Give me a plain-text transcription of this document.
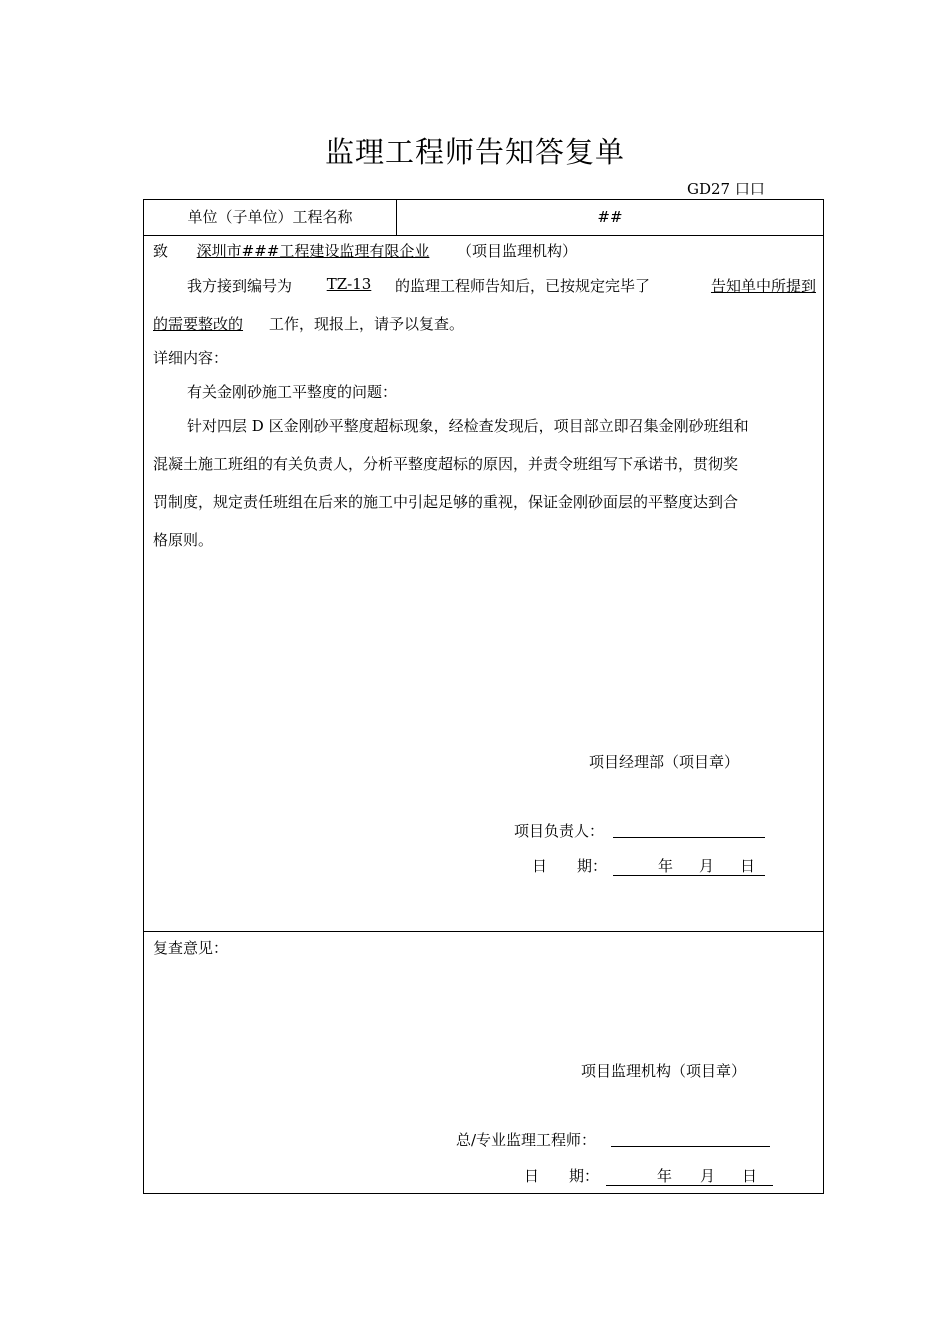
监理工程师告知答复单
GD27 口口
单位（子单位）工程名称	##
致	深圳市###工程建设监理有限企业	（项目监理机构）
我方接到编号为	TZ-13	的监理工程师告知后，已按规定完毕了	告知单中所提到
的需要整改的	工作，现报上，请予以复查。
详细内容：
有关金刚砂施工平整度的问题：
针对四层 D 区金刚砂平整度超标现象，经检查发现后，项目部立即召集金刚砂班组和
混凝土施工班组的有关负责人，分析平整度超标的原因，并责令班组写下承诺书，贯彻奖
罚制度，规定责任班组在后来的施工中引起足够的重视，保证金刚砂面层的平整度达到合
格原则。
项目经理部（项目章）
项目负责人：
日　　期：	年 月 日
复查意见：
项目监理机构（项目章）
总/专业监理工程师：
日　　期：	年 月 日
